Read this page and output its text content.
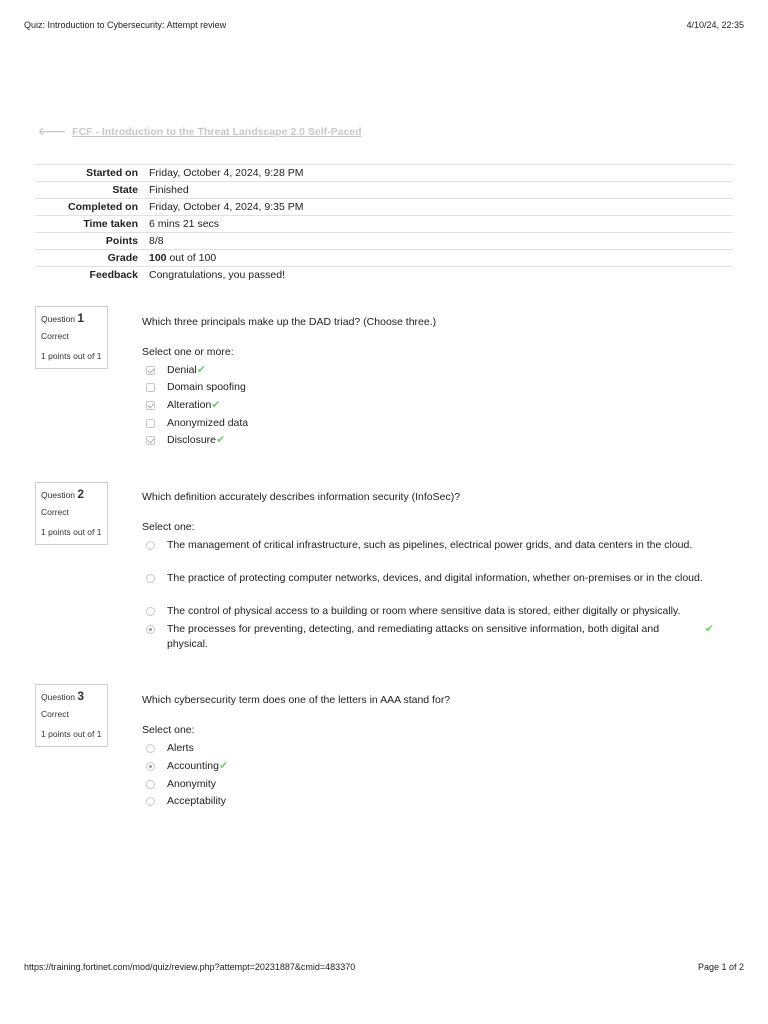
Quiz: Introduction to Cybersecurity: Attempt review	4/10/24, 22:35
🡐 FCF - Introduction to the Threat Landscape 2.0 Self-Paced
Started on	Friday, October 4, 2024, 9:28 PM
State	Finished
Completed on	Friday, October 4, 2024, 9:35 PM
Time taken	6 mins 21 secs
Points	8/8
Grade	100 out of 100
Feedback	Congratulations, you passed!
Question 1
Correct
1 points out of 1
Which three principals make up the DAD triad? (Choose three.)
Select one or more:
Denial✔
Domain spoofing
Alteration✔
Anonymized data
Disclosure✔
Question 2
Correct
1 points out of 1
Which definition accurately describes information security (InfoSec)?
Select one:
The management of critical infrastructure, such as pipelines, electrical power grids, and data centers in the cloud.
The practice of protecting computer networks, devices, and digital information, whether on-premises or in the cloud.
The control of physical access to a building or room where sensitive data is stored, either digitally or physically.
The processes for preventing, detecting, and remediating attacks on sensitive information, both digital and physical.
✔
Question 3
Correct
1 points out of 1
Which cybersecurity term does one of the letters in AAA stand for?
Select one:
Alerts
Accounting✔
Anonymity
Acceptability
https://training.fortinet.com/mod/quiz/review.php?attempt=20231887&cmid=483370	Page 1 of 2
